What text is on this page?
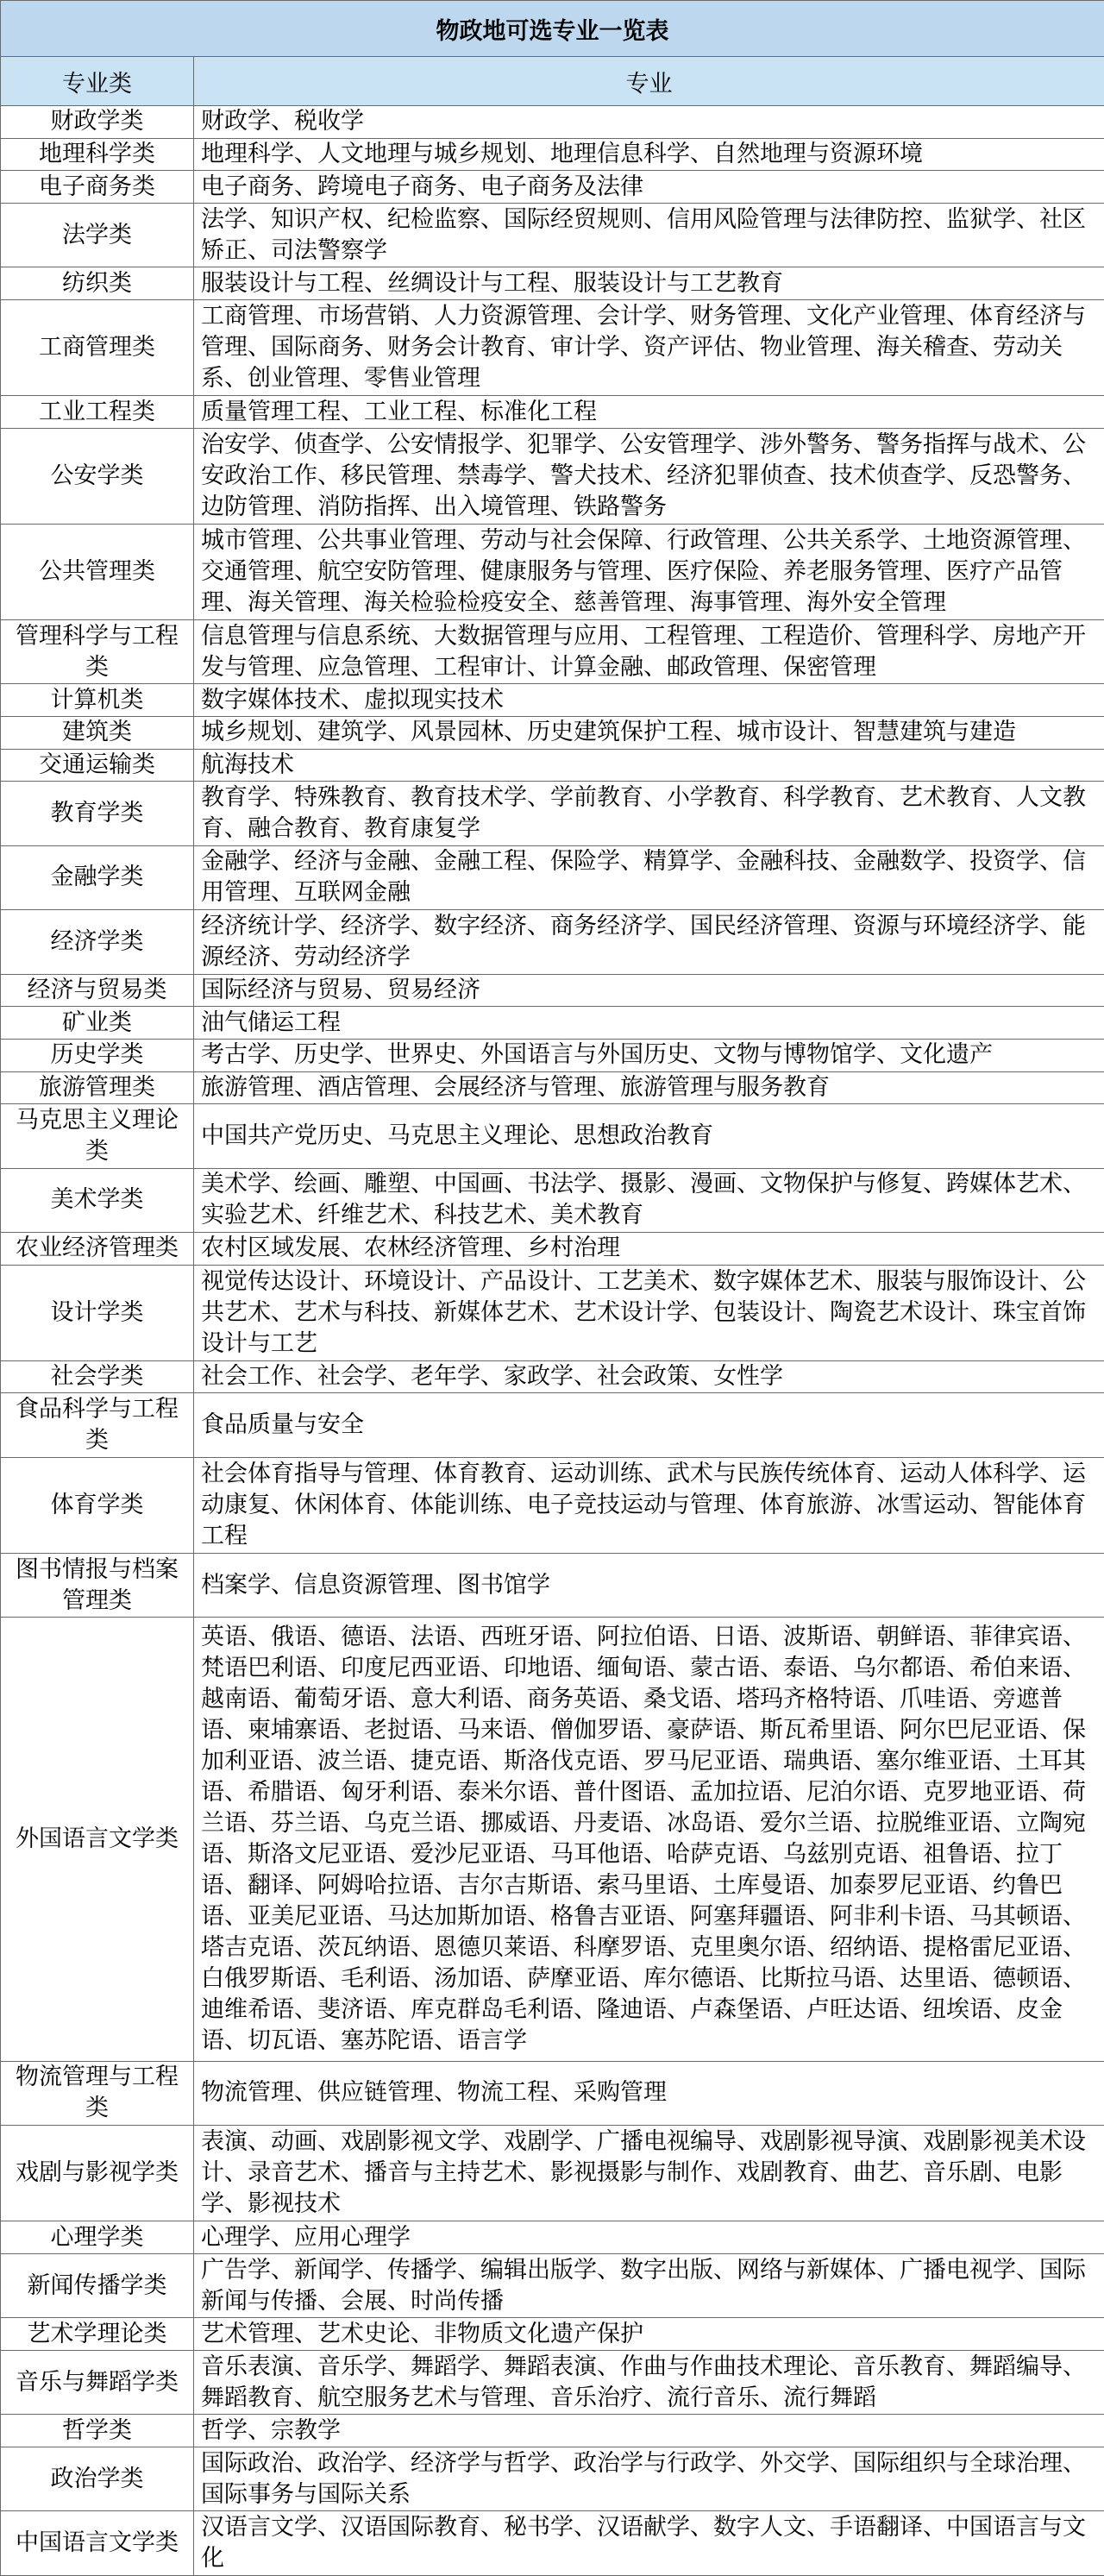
物政地可选专业一览表	
专业类	专业
财政学类	财政学、税收学
地理科学类	地理科学、人文地理与城乡规划、地理信息科学、自然地理与资源环境
电子商务类	电子商务、跨境电子商务、电子商务及法律
法学类	法学、知识产权、纪检监察、国际经贸规则、信用风险管理与法律防控、监狱学、社区矫正、司法警察学
纺织类	服装设计与工程、丝绸设计与工程、服装设计与工艺教育
工商管理类	工商管理、市场营销、人力资源管理、会计学、财务管理、文化产业管理、体育经济与管理、国际商务、财务会计教育、审计学、资产评估、物业管理、海关稽查、劳动关系、创业管理、零售业管理
工业工程类	质量管理工程、工业工程、标准化工程
公安学类	治安学、侦查学、公安情报学、犯罪学、公安管理学、涉外警务、警务指挥与战术、公安政治工作、移民管理、禁毒学、警犬技术、经济犯罪侦查、技术侦查学、反恐警务、边防管理、消防指挥、出入境管理、铁路警务
公共管理类	城市管理、公共事业管理、劳动与社会保障、行政管理、公共关系学、土地资源管理、交通管理、航空安防管理、健康服务与管理、医疗保险、养老服务管理、医疗产品管理、海关管理、海关检验检疫安全、慈善管理、海事管理、海外安全管理
管理科学与工程类	信息管理与信息系统、大数据管理与应用、工程管理、工程造价、管理科学、房地产开发与管理、应急管理、工程审计、计算金融、邮政管理、保密管理
计算机类	数字媒体技术、虚拟现实技术
建筑类	城乡规划、建筑学、风景园林、历史建筑保护工程、城市设计、智慧建筑与建造
交通运输类	航海技术
教育学类	教育学、特殊教育、教育技术学、学前教育、小学教育、科学教育、艺术教育、人文教育、融合教育、教育康复学
金融学类	金融学、经济与金融、金融工程、保险学、精算学、金融科技、金融数学、投资学、信用管理、互联网金融
经济学类	经济统计学、经济学、数字经济、商务经济学、国民经济管理、资源与环境经济学、能源经济、劳动经济学
经济与贸易类	国际经济与贸易、贸易经济
矿业类	油气储运工程
历史学类	考古学、历史学、世界史、外国语言与外国历史、文物与博物馆学、文化遗产
旅游管理类	旅游管理、酒店管理、会展经济与管理、旅游管理与服务教育
马克思主义理论类	中国共产党历史、马克思主义理论、思想政治教育
美术学类	美术学、绘画、雕塑、中国画、书法学、摄影、漫画、文物保护与修复、跨媒体艺术、实验艺术、纤维艺术、科技艺术、美术教育
农业经济管理类	农村区域发展、农林经济管理、乡村治理
设计学类	视觉传达设计、环境设计、产品设计、工艺美术、数字媒体艺术、服装与服饰设计、公共艺术、艺术与科技、新媒体艺术、艺术设计学、包装设计、陶瓷艺术设计、珠宝首饰设计与工艺
社会学类	社会工作、社会学、老年学、家政学、社会政策、女性学
食品科学与工程类	食品质量与安全
体育学类	社会体育指导与管理、体育教育、运动训练、武术与民族传统体育、运动人体科学、运动康复、休闲体育、体能训练、电子竞技运动与管理、体育旅游、冰雪运动、智能体育工程
图书情报与档案管理类	档案学、信息资源管理、图书馆学
外国语言文学类	英语、俄语、德语、法语、西班牙语、阿拉伯语、日语、波斯语、朝鲜语、菲律宾语、梵语巴利语、印度尼西亚语、印地语、缅甸语、蒙古语、泰语、乌尔都语、希伯来语、越南语、葡萄牙语、意大利语、商务英语、桑戈语、塔玛齐格特语、爪哇语、旁遮普语、柬埔寨语、老挝语、马来语、僧伽罗语、豪萨语、斯瓦希里语、阿尔巴尼亚语、保加利亚语、波兰语、捷克语、斯洛伐克语、罗马尼亚语、瑞典语、塞尔维亚语、土耳其语、希腊语、匈牙利语、泰米尔语、普什图语、孟加拉语、尼泊尔语、克罗地亚语、荷兰语、芬兰语、乌克兰语、挪威语、丹麦语、冰岛语、爱尔兰语、拉脱维亚语、立陶宛语、斯洛文尼亚语、爱沙尼亚语、马耳他语、哈萨克语、乌兹别克语、祖鲁语、拉丁语、翻译、阿姆哈拉语、吉尔吉斯语、索马里语、土库曼语、加泰罗尼亚语、约鲁巴语、亚美尼亚语、马达加斯加语、格鲁吉亚语、阿塞拜疆语、阿非利卡语、马其顿语、塔吉克语、茨瓦纳语、恩德贝莱语、科摩罗语、克里奥尔语、绍纳语、提格雷尼亚语、白俄罗斯语、毛利语、汤加语、萨摩亚语、库尔德语、比斯拉马语、达里语、德顿语、迪维希语、斐济语、库克群岛毛利语、隆迪语、卢森堡语、卢旺达语、纽埃语、皮金语、切瓦语、塞苏陀语、语言学
物流管理与工程类	物流管理、供应链管理、物流工程、采购管理
戏剧与影视学类	表演、动画、戏剧影视文学、戏剧学、广播电视编导、戏剧影视导演、戏剧影视美术设计、录音艺术、播音与主持艺术、影视摄影与制作、戏剧教育、曲艺、音乐剧、电影学、影视技术
心理学类	心理学、应用心理学
新闻传播学类	广告学、新闻学、传播学、编辑出版学、数字出版、网络与新媒体、广播电视学、国际新闻与传播、会展、时尚传播
艺术学理论类	艺术管理、艺术史论、非物质文化遗产保护
音乐与舞蹈学类	音乐表演、音乐学、舞蹈学、舞蹈表演、作曲与作曲技术理论、音乐教育、舞蹈编导、舞蹈教育、航空服务艺术与管理、音乐治疗、流行音乐、流行舞蹈
哲学类	哲学、宗教学
政治学类	国际政治、政治学、经济学与哲学、政治学与行政学、外交学、国际组织与全球治理、国际事务与国际关系
中国语言文学类	汉语言文学、汉语国际教育、秘书学、汉语献学、数字人文、手语翻译、中国语言与文化
